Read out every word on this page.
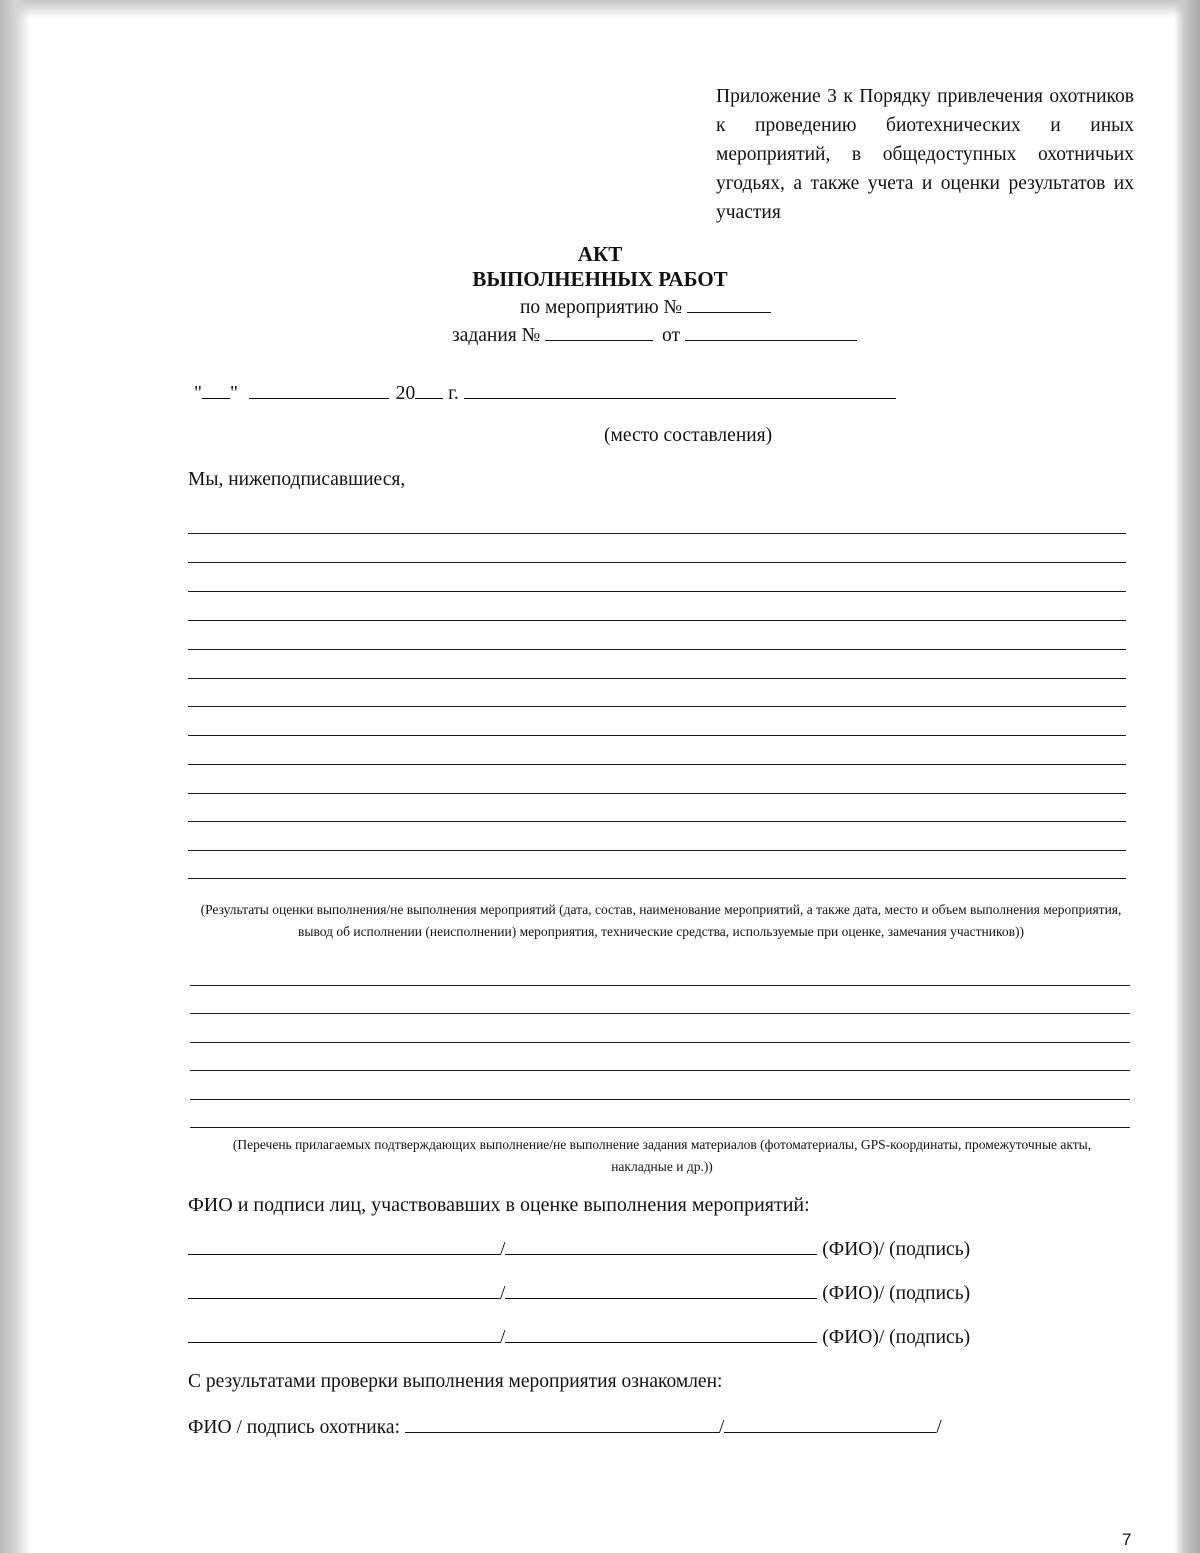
Приложение 3 к Порядку привлечения охотников к проведению биотехнических и иных мероприятий, в общедоступных охотничьих угодьях, а также учета и оценки результатов их участия
АКТ
ВЫПОЛНЕННЫХ РАБОТ
по мероприятию №
задания №	от
" "	20 г.
(место составления)
Мы, нижеподписавшиеся,
(Результаты оценки выполнения/не выполнения мероприятий (дата, состав, наименование мероприятий, а также дата, место и объем выполнения мероприятия, вывод об исполнении (неисполнении) мероприятия, технические средства, используемые при оценке, замечания участников))
(Перечень прилагаемых подтверждающих выполнение/не выполнение задания материалов (фотоматериалы, GPS-координаты, промежуточные акты, накладные и др.))
ФИО и подписи лиц, участвовавших в оценке выполнения мероприятий:
/	(ФИО)/ (подпись)
/	(ФИО)/ (подпись)
/	(ФИО)/ (подпись)
С результатами проверки выполнения мероприятия ознакомлен:
ФИО / подпись охотника:	/	/
7
